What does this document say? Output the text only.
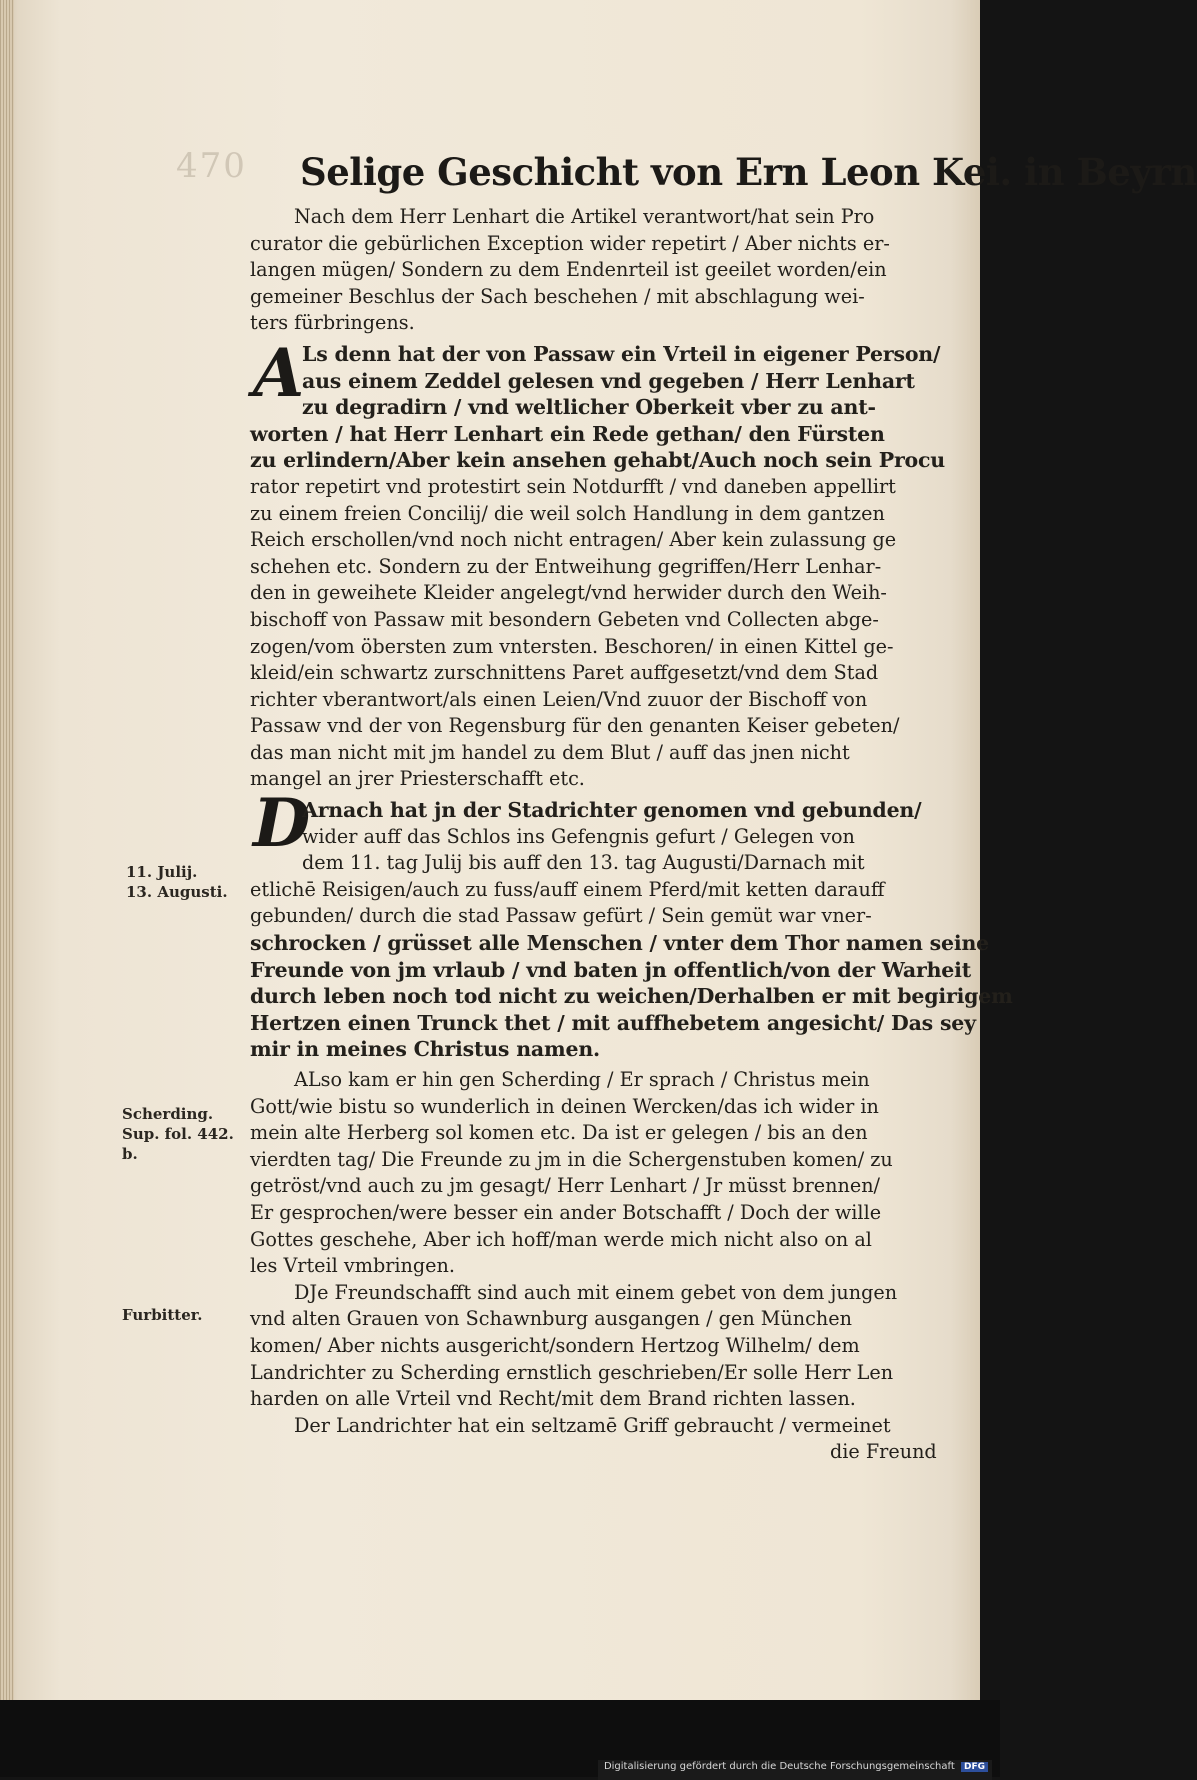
470 Selige Geschicht von Ern Leon Kei. in Beyrn
11. Julij.
13. Augusti.
Scherding.
Sup. fol. 442.
b.
Furbitter.
A
D
Nach dem Herr Lenhart die Artikel verantwort/hat sein Pro
curator die gebürlichen Exception wider repetirt / Aber nichts er-
langen mügen/ Sondern zu dem Endenrteil ist geeilet worden/ein
gemeiner Beschlus der Sach beschehen / mit abschlagung wei-
ters fürbringens.
Ls denn hat der von Passaw ein Vrteil in eigener Person/
aus einem Zeddel gelesen vnd gegeben / Herr Lenhart
zu degradirn / vnd weltlicher Oberkeit vber zu ant-
worten / hat Herr Lenhart ein Rede gethan/ den Fürsten
zu erlindern/Aber kein ansehen gehabt/Auch noch sein Procu
rator repetirt vnd protestirt sein Notdurfft / vnd daneben appellirt
zu einem freien Concilij/ die weil solch Handlung in dem gantzen
Reich erschollen/vnd noch nicht entragen/ Aber kein zulassung ge
schehen etc. Sondern zu der Entweihung gegriffen/Herr Lenhar-
den in geweihete Kleider angelegt/vnd herwider durch den Weih-
bischoff von Passaw mit besondern Gebeten vnd Collecten abge-
zogen/vom öbersten zum vntersten. Beschoren/ in einen Kittel ge-
kleid/ein schwartz zurschnittens Paret auffgesetzt/vnd dem Stad
richter vberantwort/als einen Leien/Vnd zuuor der Bischoff von
Passaw vnd der von Regensburg für den genanten Keiser gebeten/
das man nicht mit jm handel zu dem Blut / auff das jnen nicht
mangel an jrer Priesterschafft etc.
Arnach hat jn der Stadrichter genomen vnd gebunden/
wider auff das Schlos ins Gefengnis gefurt / Gelegen von
dem 11. tag Julij bis auff den 13. tag Augusti/Darnach mit
etlichē Reisigen/auch zu fuss/auff einem Pferd/mit ketten darauff
gebunden/ durch die stad Passaw gefürt / Sein gemüt war vner-
schrocken / grüsset alle Menschen / vnter dem Thor namen seine
Freunde von jm vrlaub / vnd baten jn offentlich/von der Warheit
durch leben noch tod nicht zu weichen/Derhalben er mit begirigem
Hertzen einen Trunck thet / mit auffhebetem angesicht/ Das sey
mir in meines Christus namen.
ALso kam er hin gen Scherding / Er sprach / Christus mein
Gott/wie bistu so wunderlich in deinen Wercken/das ich wider in
mein alte Herberg sol komen etc. Da ist er gelegen / bis an den
vierdten tag/ Die Freunde zu jm in die Schergenstuben komen/ zu
getröst/vnd auch zu jm gesagt/ Herr Lenhart / Jr müsst brennen/
Er gesprochen/were besser ein ander Botschafft / Doch der wille
Gottes geschehe, Aber ich hoff/man werde mich nicht also on al
les Vrteil vmbringen.
DJe Freundschafft sind auch mit einem gebet von dem jungen
vnd alten Grauen von Schawnburg ausgangen / gen München
komen/ Aber nichts ausgericht/sondern Hertzog Wilhelm/ dem
Landrichter zu Scherding ernstlich geschrieben/Er solle Herr Len
harden on alle Vrteil vnd Recht/mit dem Brand richten lassen.
Der Landrichter hat ein seltzamē Griff gebraucht / vermeinet
die Freund
Digitalisierung gefördert durch die Deutsche Forschungsgemeinschaft DFG
